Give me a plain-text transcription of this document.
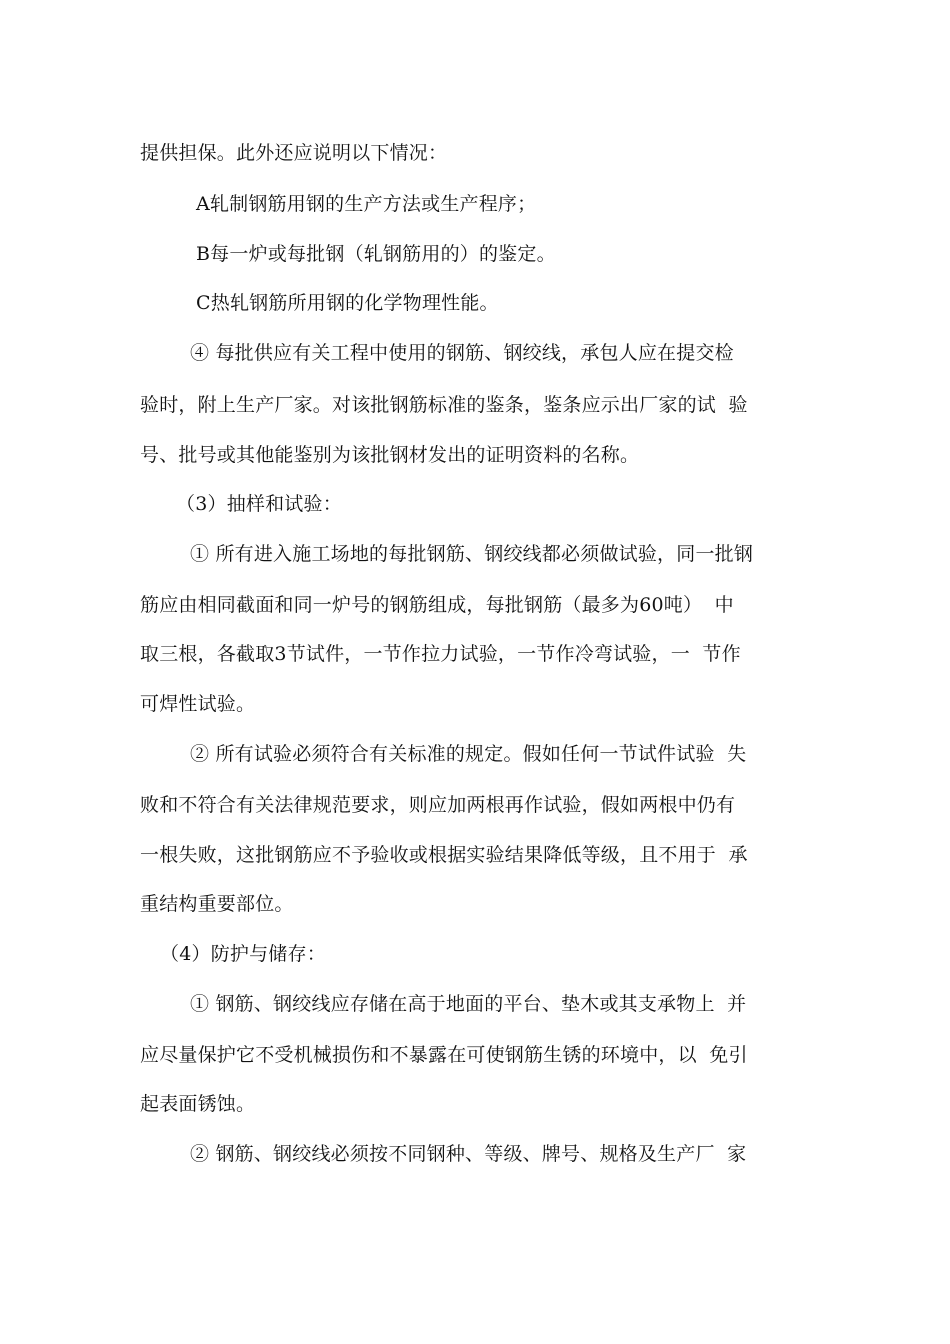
提供担保。此外还应说明以下情况：
A轧制钢筋用钢的生产方法或生产程序；
B每一炉或每批钢（轧钢筋用的）的鉴定。
C热轧钢筋所用钢的化学物理性能。
④ 每批供应有关工程中使用的钢筋、钢绞线，承包人应在提交检
验时，附上生产厂家。对该批钢筋标准的鉴条，鉴条应示出厂家的试  验
号、批号或其他能鉴别为该批钢材发出的证明资料的名称。
（3）抽样和试验：
① 所有进入施工场地的每批钢筋、钢绞线都必须做试验，同一批钢
筋应由相同截面和同一炉号的钢筋组成，每批钢筋（最多为60吨）  中
取三根，各截取3节试件，一节作拉力试验，一节作冷弯试验，一  节作
可焊性试验。
② 所有试验必须符合有关标准的规定。假如任何一节试件试验  失
败和不符合有关法律规范要求，则应加两根再作试验，假如两根中仍有
一根失败，这批钢筋应不予验收或根据实验结果降低等级，且不用于  承
重结构重要部位。
（4）防护与储存：
① 钢筋、钢绞线应存储在高于地面的平台、垫木或其支承物上  并
应尽量保护它不受机械损伤和不暴露在可使钢筋生锈的环境中，以  免引
起表面锈蚀。
② 钢筋、钢绞线必须按不同钢种、等级、牌号、规格及生产厂  家
